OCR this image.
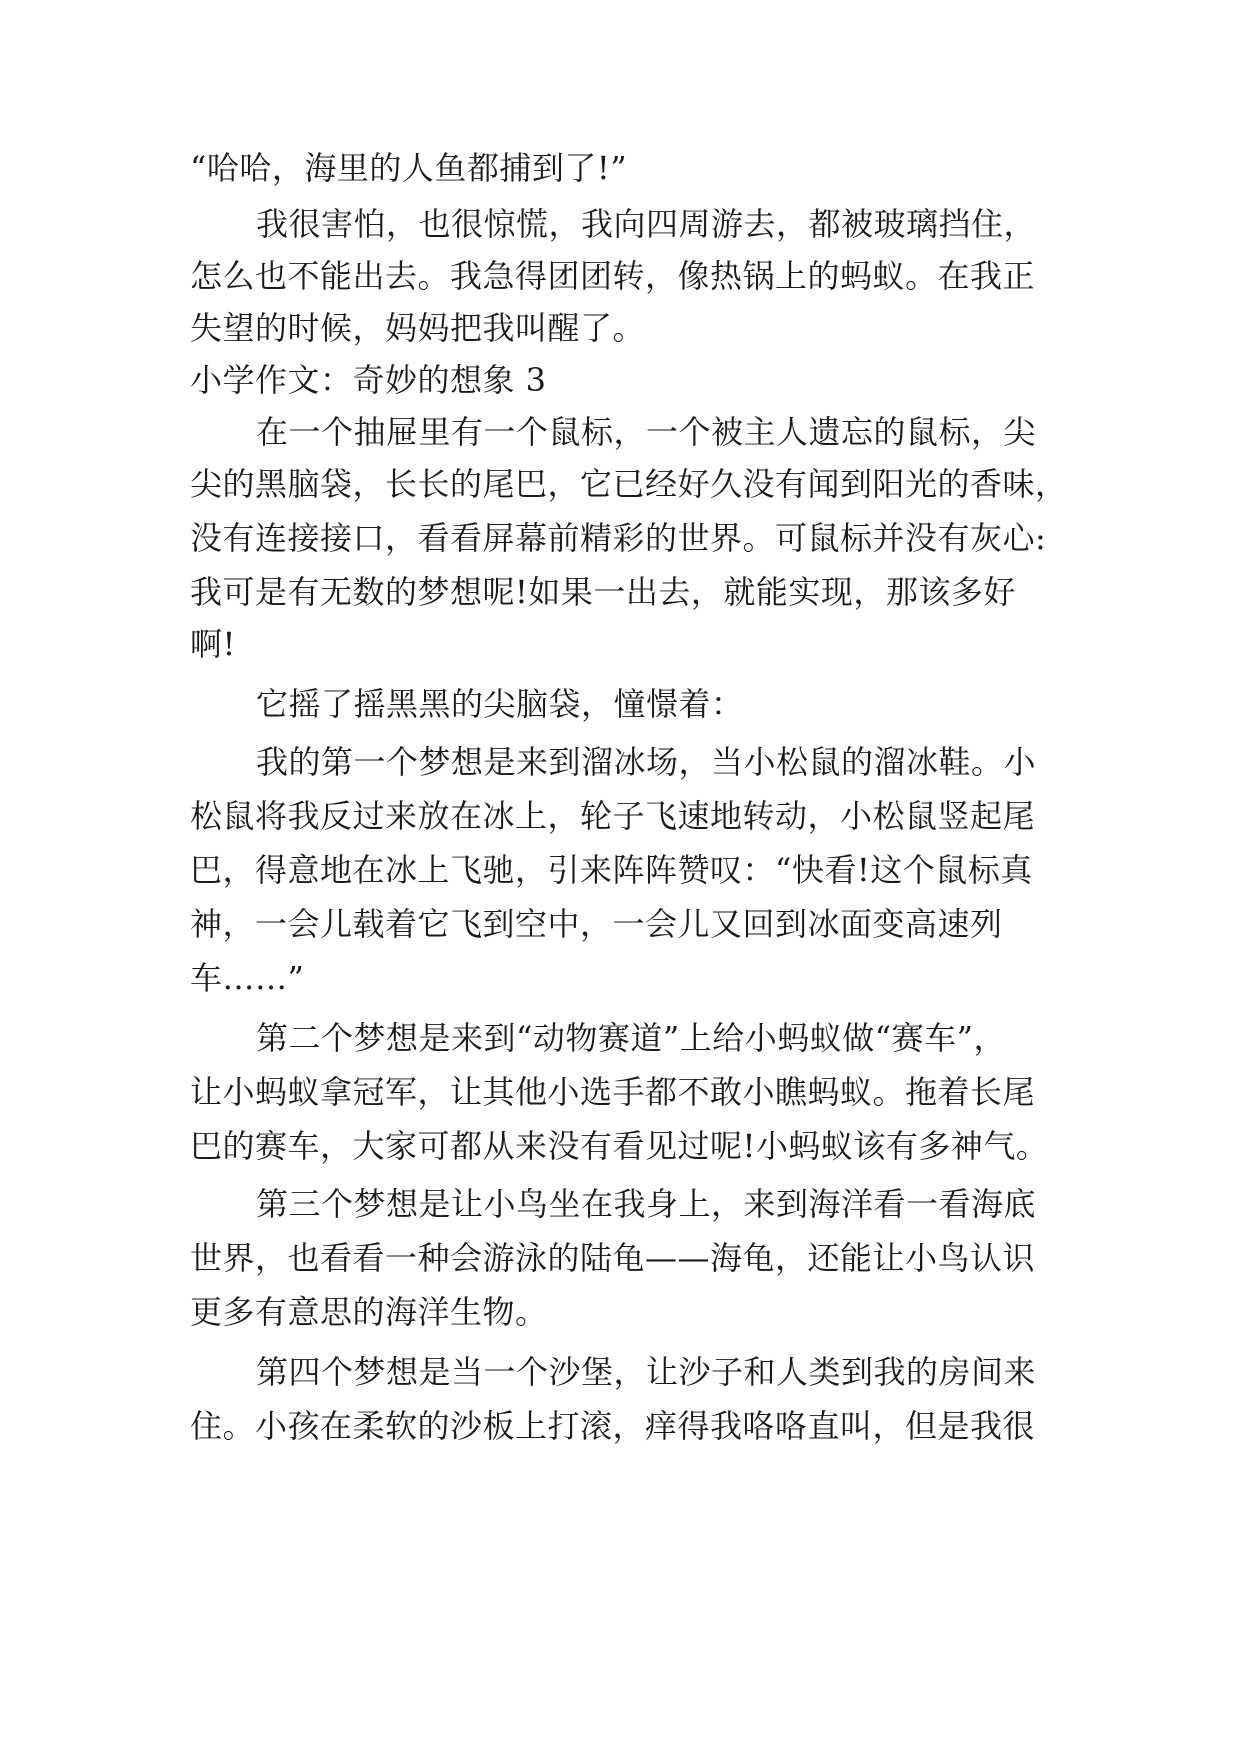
“哈哈，海里的人鱼都捕到了!”
我很害怕，也很惊慌，我向四周游去，都被玻璃挡住，
怎么也不能出去。我急得团团转，像热锅上的蚂蚁。在我正
失望的时候，妈妈把我叫醒了。
小学作文：奇妙的想象 3
在一个抽屉里有一个鼠标，一个被主人遗忘的鼠标，尖
尖的黑脑袋，长长的尾巴，它已经好久没有闻到阳光的香味，
没有连接接口，看看屏幕前精彩的世界。可鼠标并没有灰心:
我可是有无数的梦想呢!如果一出去，就能实现，那该多好
啊!
它摇了摇黑黑的尖脑袋，憧憬着：
我的第一个梦想是来到溜冰场，当小松鼠的溜冰鞋。小
松鼠将我反过来放在冰上，轮子飞速地转动，小松鼠竖起尾
巴，得意地在冰上飞驰，引来阵阵赞叹：“快看!这个鼠标真
神，一会儿载着它飞到空中，一会儿又回到冰面变高速列
车……”
第二个梦想是来到“动物赛道”上给小蚂蚁做“赛车”，
让小蚂蚁拿冠军，让其他小选手都不敢小瞧蚂蚁。拖着长尾
巴的赛车，大家可都从来没有看见过呢!小蚂蚁该有多神气。
第三个梦想是让小鸟坐在我身上，来到海洋看一看海底
世界，也看看一种会游泳的陆龟——海龟，还能让小鸟认识
更多有意思的海洋生物。
第四个梦想是当一个沙堡，让沙子和人类到我的房间来
住。小孩在柔软的沙板上打滚，痒得我咯咯直叫，但是我很
